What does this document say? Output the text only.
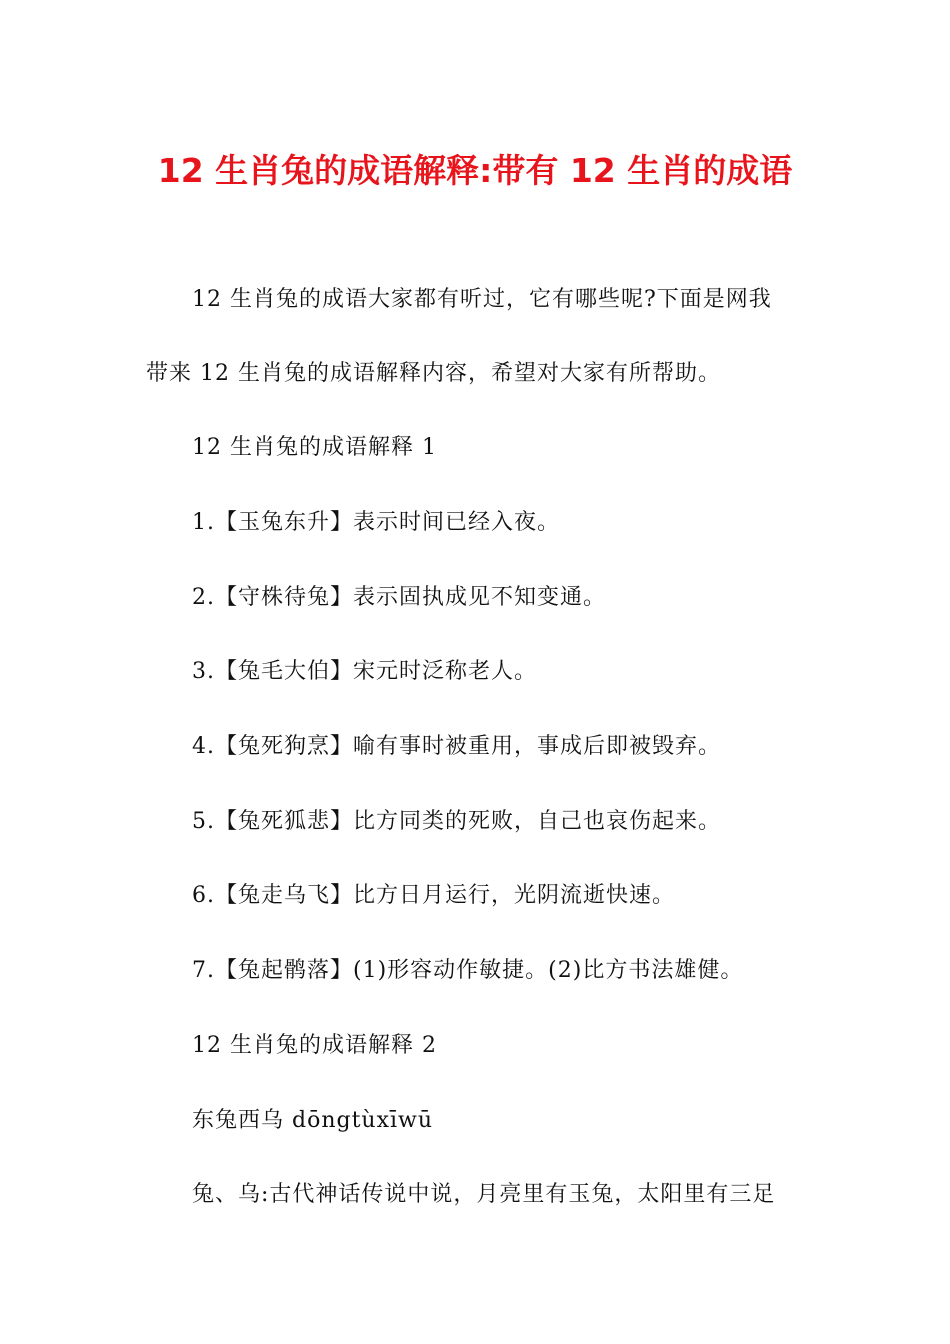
12 生肖兔的成语解释:带有 12 生肖的成语
12 生肖兔的成语大家都有听过，它有哪些呢?下面是网我
带来 12 生肖兔的成语解释内容，希望对大家有所帮助。
12 生肖兔的成语解释 1
1.【玉兔东升】表示时间已经入夜。
2.【守株待兔】表示固执成见不知变通。
3.【兔毛大伯】宋元时泛称老人。
4.【兔死狗烹】喻有事时被重用，事成后即被毁弃。
5.【兔死狐悲】比方同类的死败，自己也哀伤起来。
6.【兔走乌飞】比方日月运行，光阴流逝快速。
7.【兔起鹘落】(1)形容动作敏捷。(2)比方书法雄健。
12 生肖兔的成语解释 2
东兔西乌 dōngtùxīwū
兔、乌:古代神话传说中说，月亮里有玉兔，太阳里有三足
